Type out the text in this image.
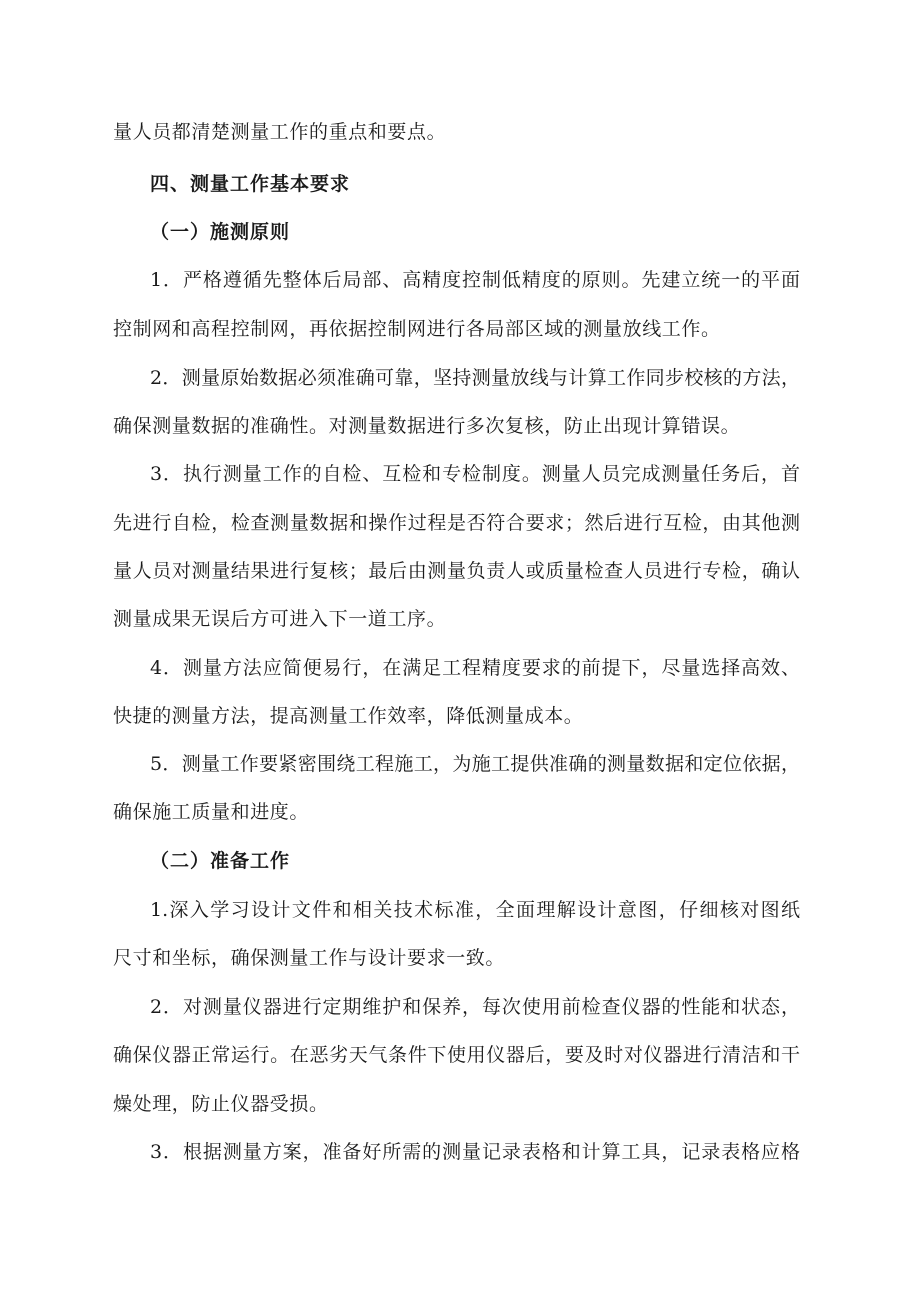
量人员都清楚测量工作的重点和要点。
四、测量工作基本要求
（一）施测原则
1．严格遵循先整体后局部、高精度控制低精度的原则。先建立统一的平面
控制网和高程控制网，再依据控制网进行各局部区域的测量放线工作。
2．测量原始数据必须准确可靠，坚持测量放线与计算工作同步校核的方法，
确保测量数据的准确性。对测量数据进行多次复核，防止出现计算错误。
3．执行测量工作的自检、互检和专检制度。测量人员完成测量任务后，首
先进行自检，检查测量数据和操作过程是否符合要求；然后进行互检，由其他测
量人员对测量结果进行复核；最后由测量负责人或质量检查人员进行专检，确认
测量成果无误后方可进入下一道工序。
4．测量方法应简便易行，在满足工程精度要求的前提下，尽量选择高效、
快捷的测量方法，提高测量工作效率，降低测量成本。
5．测量工作要紧密围绕工程施工，为施工提供准确的测量数据和定位依据，
确保施工质量和进度。
（二）准备工作
1.深入学习设计文件和相关技术标准，全面理解设计意图，仔细核对图纸
尺寸和坐标，确保测量工作与设计要求一致。
2．对测量仪器进行定期维护和保养，每次使用前检查仪器的性能和状态，
确保仪器正常运行。在恶劣天气条件下使用仪器后，要及时对仪器进行清洁和干
燥处理，防止仪器受损。
3．根据测量方案，准备好所需的测量记录表格和计算工具，记录表格应格
